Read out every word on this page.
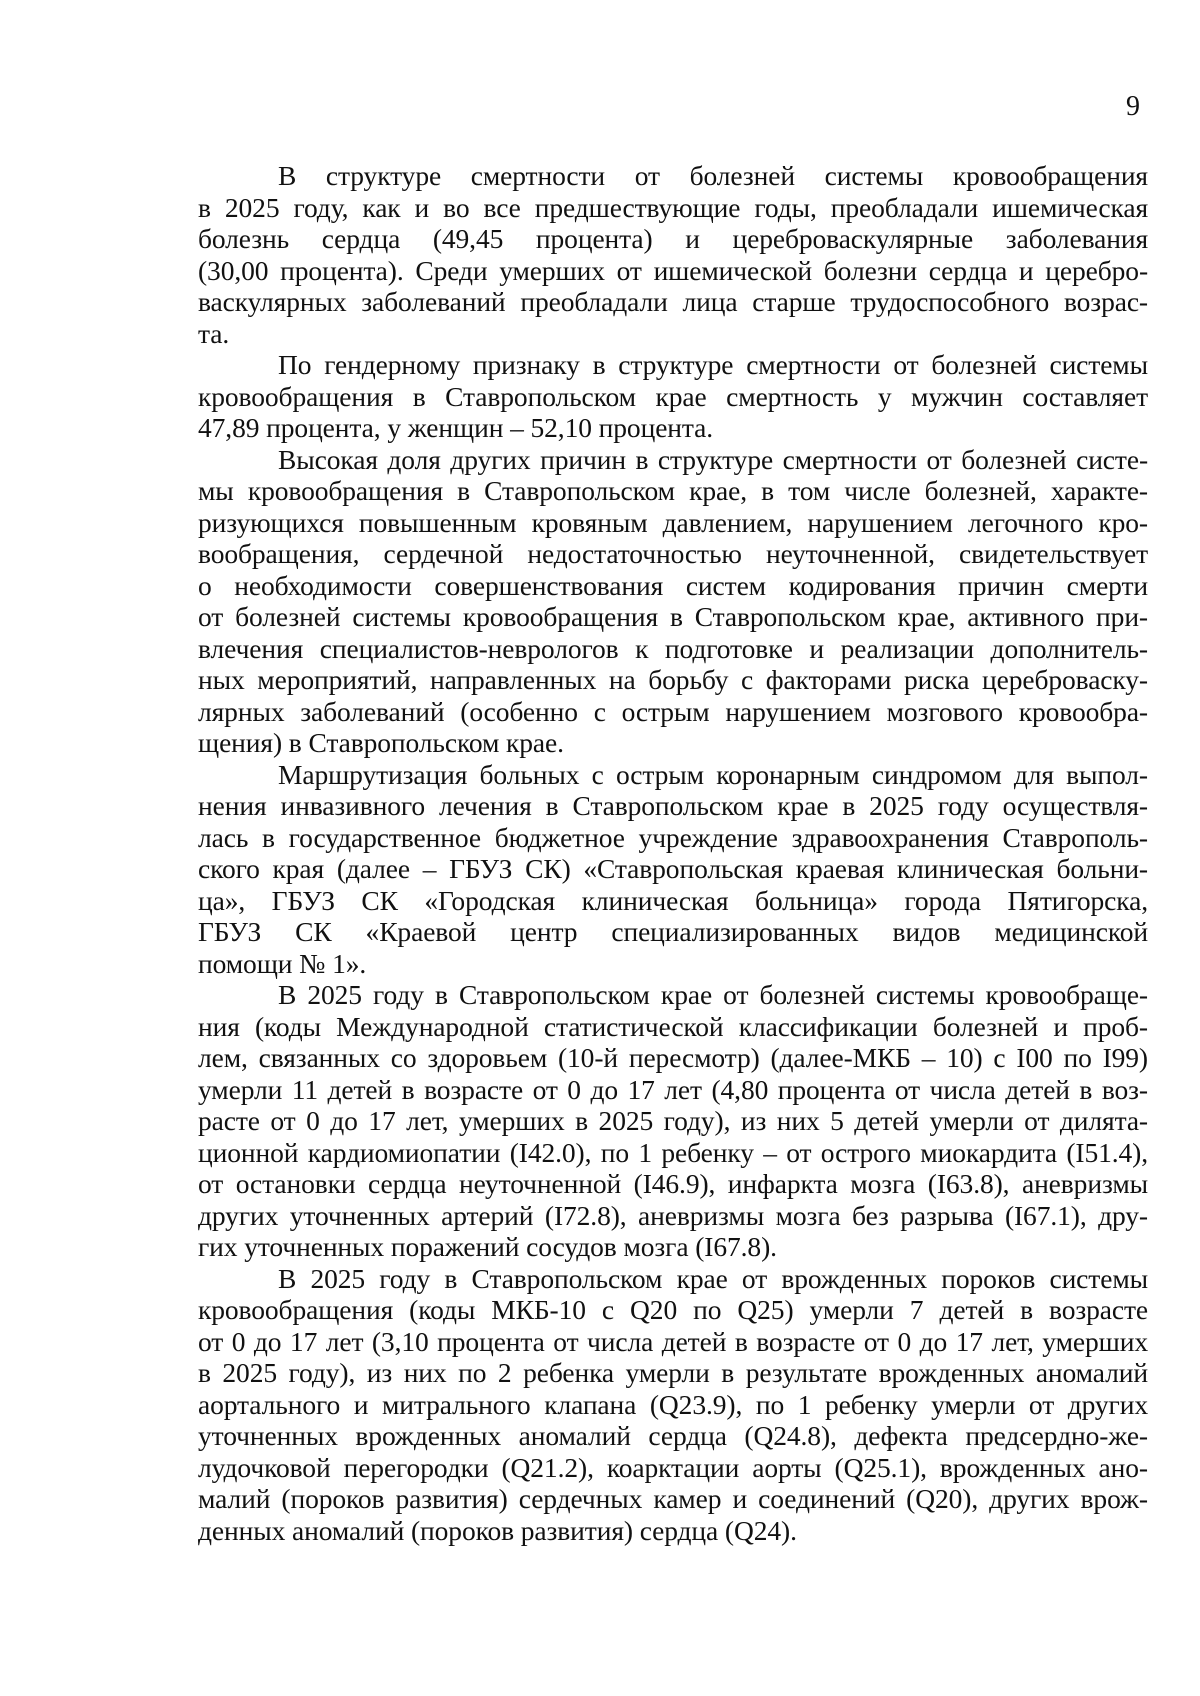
9
В структуре смертности от болезней системы кровообращения
в 2025 году, как и во все предшествующие годы, преобладали ишемическая
болезнь сердца (49,45 процента) и цереброваскулярные заболевания
(30,00 процента). Среди умерших от ишемической болезни сердца и церебро-
васкулярных заболеваний преобладали лица старше трудоспособного возрас-
та.
По гендерному признаку в структуре смертности от болезней системы
кровообращения в Ставропольском крае смертность у мужчин составляет
47,89 процента, у женщин – 52,10 процента.
Высокая доля других причин в структуре смертности от болезней систе-
мы кровообращения в Ставропольском крае, в том числе болезней, характе-
ризующихся повышенным кровяным давлением, нарушением легочного кро-
вообращения, сердечной недостаточностью неуточненной, свидетельствует
о необходимости совершенствования систем кодирования причин смерти
от болезней системы кровообращения в Ставропольском крае, активного при-
влечения специалистов-неврологов к подготовке и реализации дополнитель-
ных мероприятий, направленных на борьбу с факторами риска цереброваску-
лярных заболеваний (особенно с острым нарушением мозгового кровообра-
щения) в Ставропольском крае.
Маршрутизация больных с острым коронарным синдромом для выпол-
нения инвазивного лечения в Ставропольском крае в 2025 году осуществля-
лась в государственное бюджетное учреждение здравоохранения Ставрополь-
ского края (далее – ГБУЗ СК) «Ставропольская краевая клиническая больни-
ца», ГБУЗ СК «Городская клиническая больница» города Пятигорска,
ГБУЗ СК «Краевой центр специализированных видов медицинской
помощи № 1».
В 2025 году в Ставропольском крае от болезней системы кровообраще-
ния (коды Международной статистической классификации болезней и проб-
лем, связанных со здоровьем (10-й пересмотр) (далее-МКБ – 10) с I00 по I99)
умерли 11 детей в возрасте от 0 до 17 лет (4,80 процента от числа детей в воз-
расте от 0 до 17 лет, умерших в 2025 году), из них 5 детей умерли от дилята-
ционной кардиомиопатии (I42.0), по 1 ребенку – от острого миокардита (I51.4),
от остановки сердца неуточненной (I46.9), инфаркта мозга (I63.8), аневризмы
других уточненных артерий (I72.8), аневризмы мозга без разрыва (I67.1), дру-
гих уточненных поражений сосудов мозга (I67.8).
В 2025 году в Ставропольском крае от врожденных пороков системы
кровообращения (коды МКБ-10 с Q20 по Q25) умерли 7 детей в возрасте
от 0 до 17 лет (3,10 процента от числа детей в возрасте от 0 до 17 лет, умерших
в 2025 году), из них по 2 ребенка умерли в результате врожденных аномалий
аортального и митрального клапана (Q23.9), по 1 ребенку умерли от других
уточненных врожденных аномалий сердца (Q24.8), дефекта предсердно-же-
лудочковой перегородки (Q21.2), коарктации аорты (Q25.1), врожденных ано-
малий (пороков развития) сердечных камер и соединений (Q20), других врож-
денных аномалий (пороков развития) сердца (Q24).
